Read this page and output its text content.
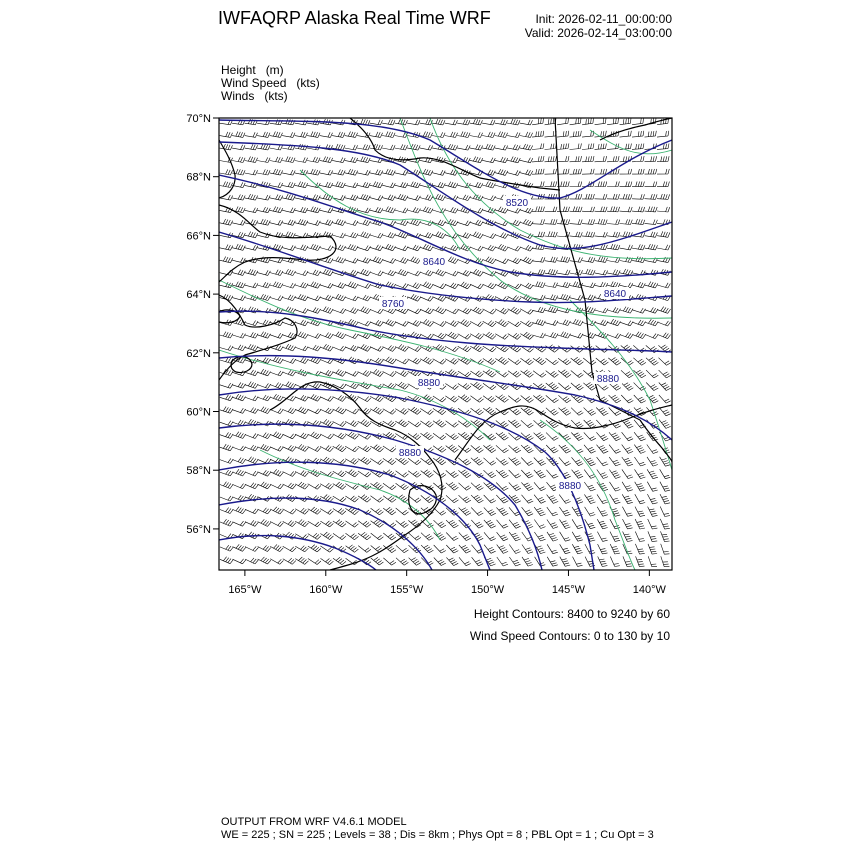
IWFAQRP Alaska Real Time WRF	Init: 2026-02-11_00:00:00
Valid: 2026-02-14_03:00:00
Height   (m)
Wind Speed   (kts)
Winds   (kts)
8520
8640
8640
8760
8880	8880
8880
8880
70°N
68°N
66°N
64°N
62°N
60°N
58°N
56°N
165°W	160°W	155°W	150°W	145°W	140°W
Height Contours: 8400 to 9240 by 60
Wind Speed Contours: 0 to 130 by 10
OUTPUT FROM WRF V4.6.1 MODEL
WE = 225 ; SN = 225 ; Levels = 38 ; Dis = 8km ; Phys Opt = 8 ; PBL Opt = 1 ; Cu Opt = 3
